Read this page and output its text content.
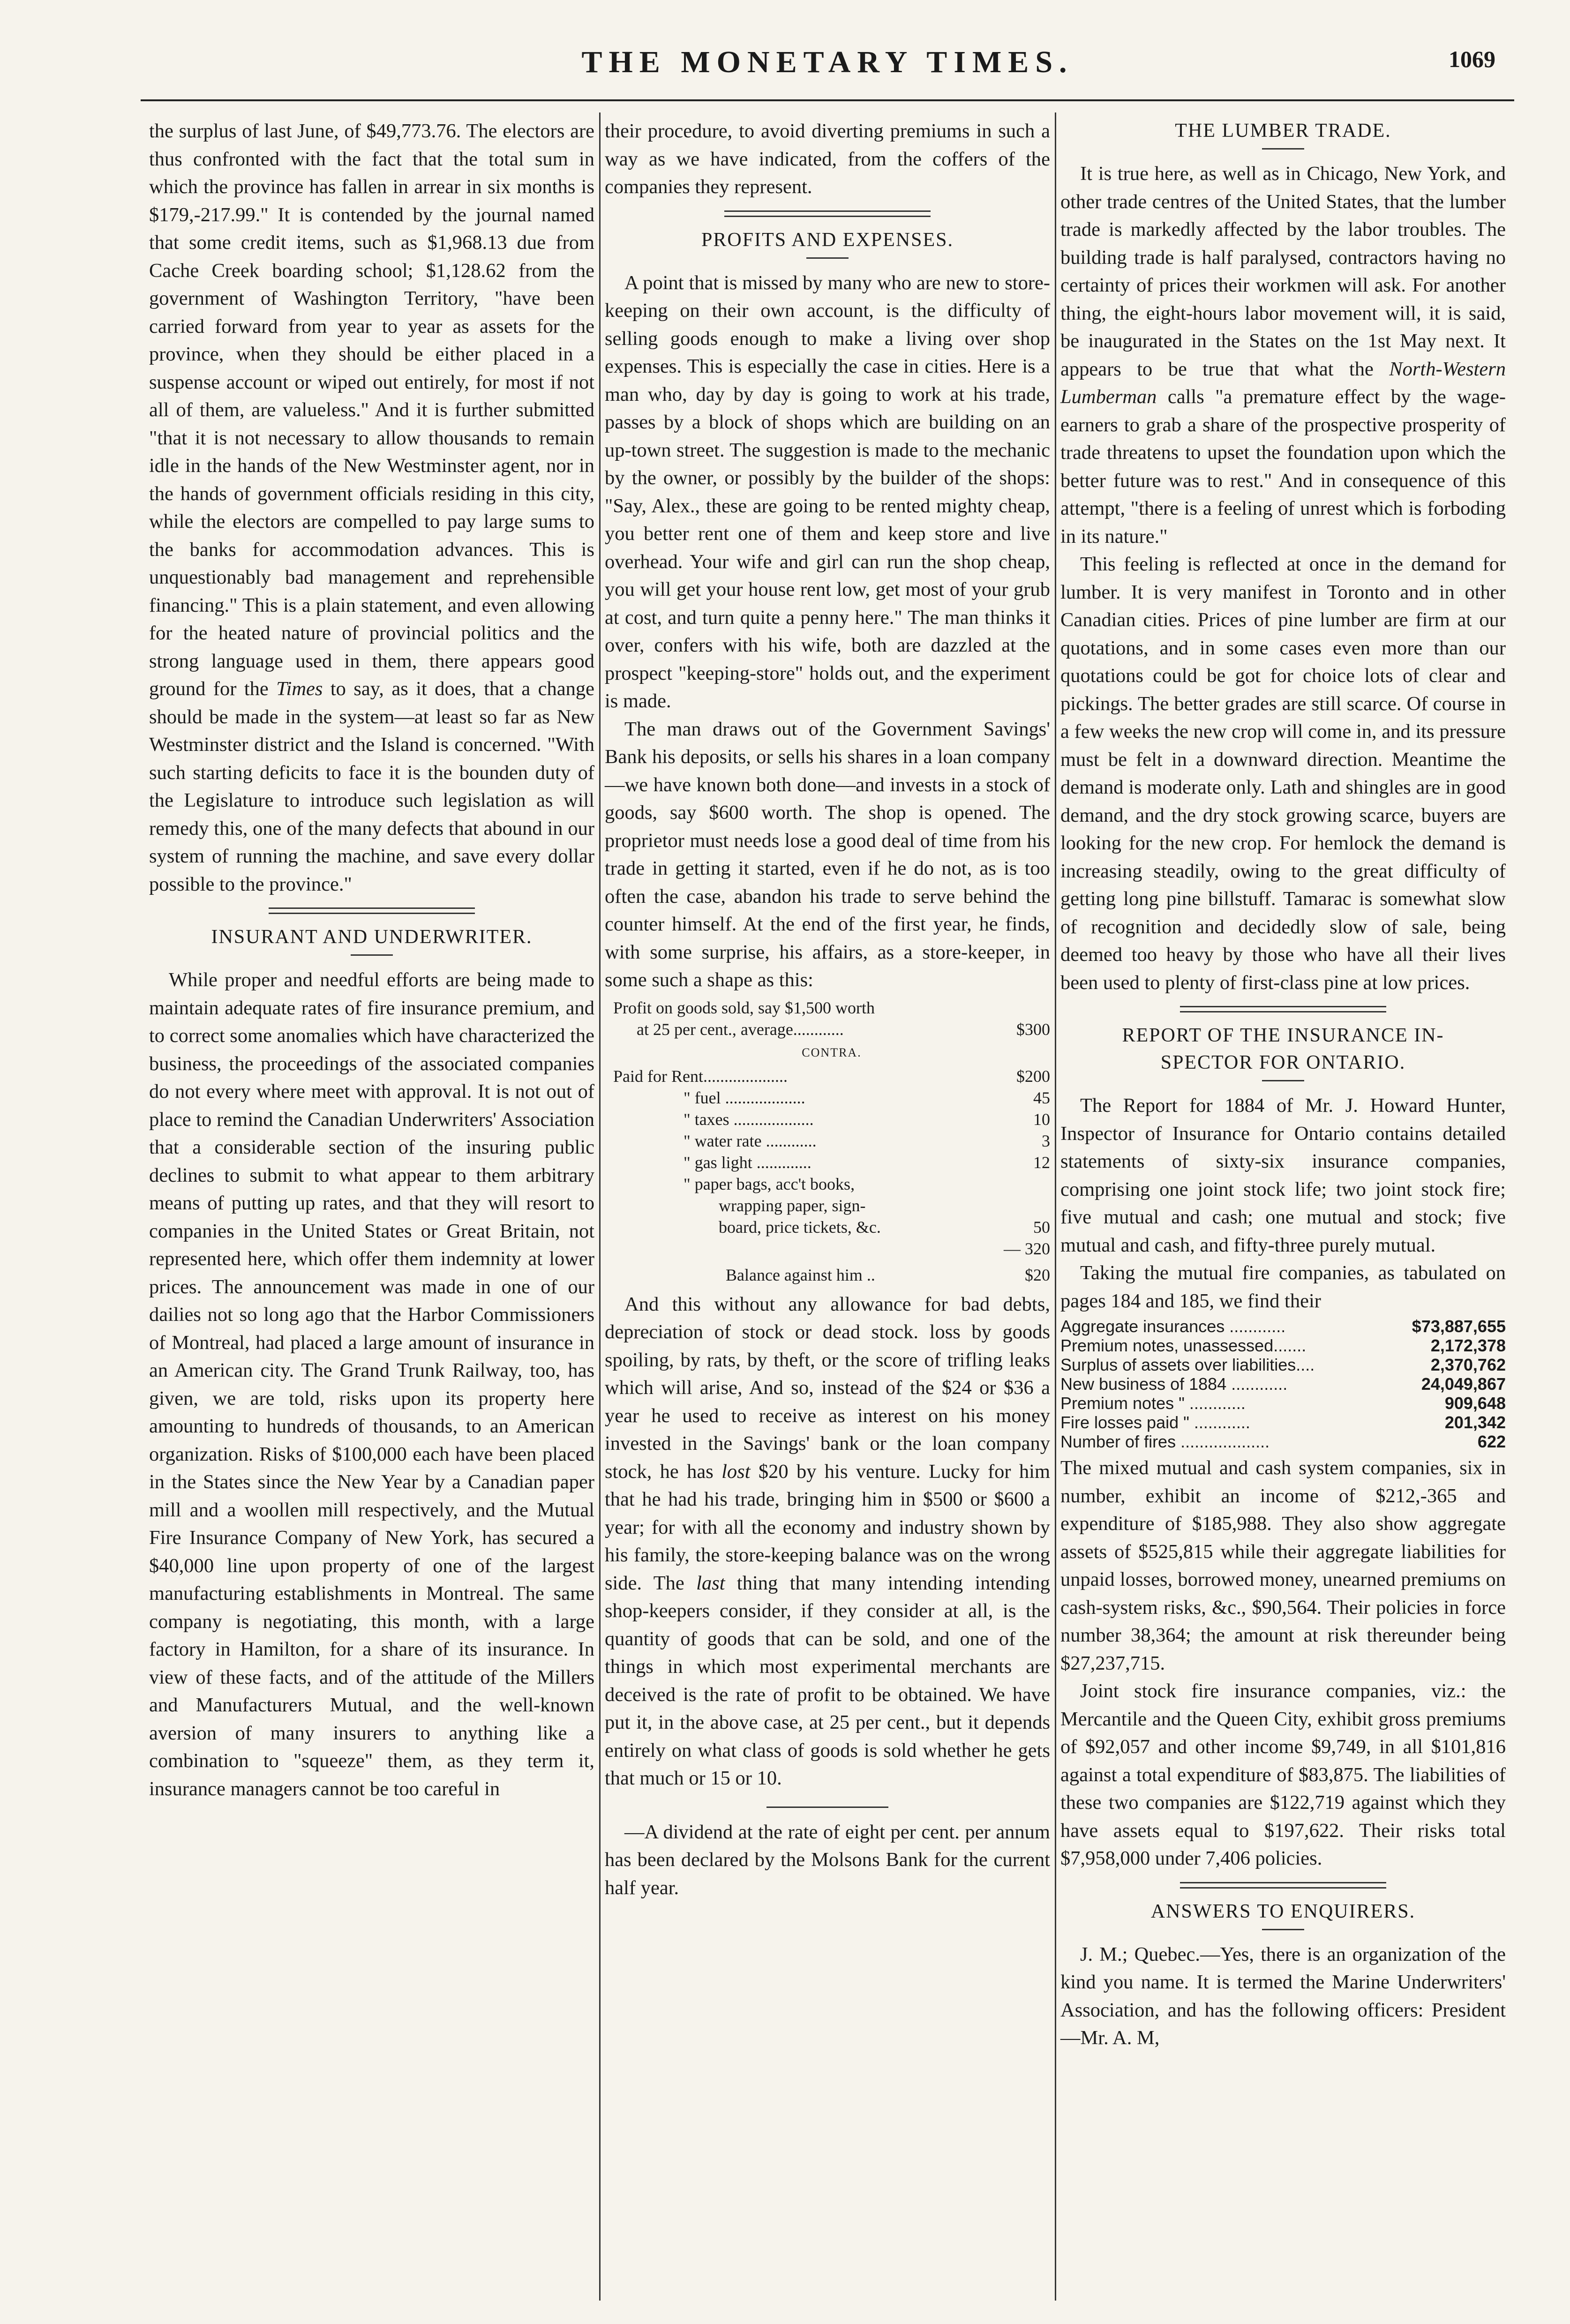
THE MONETARY TIMES.	1069

the surplus of last June, of $49,773.76. The electors are thus confronted with the fact that the total sum in which the province has fallen in arrear in six months is $179,-217.99." It is contended by the journal named that some credit items, such as $1,968.13 due from Cache Creek boarding school; $1,128.62 from the government of Washington Territory, "have been carried forward from year to year as assets for the province, when they should be either placed in a suspense account or wiped out entirely, for most if not all of them, are valueless." And it is further submitted "that it is not necessary to allow thousands to remain idle in the hands of the New Westminster agent, nor in the hands of government officials residing in this city, while the electors are compelled to pay large sums to the banks for accommodation advances. This is unquestionably bad management and reprehensible financing." This is a plain statement, and even allowing for the heated nature of provincial politics and the strong language used in them, there appears good ground for the Times to say, as it does, that a change should be made in the system—at least so far as New Westminster district and the Island is concerned. "With such starting deficits to face it is the bounden duty of the Legislature to introduce such legislation as will remedy this, one of the many defects that abound in our system of running the machine, and save every dollar possible to the province."

INSURANT AND UNDERWRITER.

While proper and needful efforts are being made to maintain adequate rates of fire insurance premium, and to correct some anomalies which have characterized the business, the proceedings of the associated companies do not every where meet with approval. It is not out of place to remind the Canadian Underwriters' Association that a considerable section of the insuring public declines to submit to what appear to them arbitrary means of putting up rates, and that they will resort to companies in the United States or Great Britain, not represented here, which offer them indemnity at lower prices. The announcement was made in one of our dailies not so long ago that the Harbor Commissioners of Montreal, had placed a large amount of insurance in an American city. The Grand Trunk Railway, too, has given, we are told, risks upon its property here amounting to hundreds of thousands, to an American organization. Risks of $100,000 each have been placed in the States since the New Year by a Canadian paper mill and a woollen mill respectively, and the Mutual Fire Insurance Company of New York, has secured a $40,000 line upon property of one of the largest manufacturing establishments in Montreal. The same company is negotiating, this month, with a large factory in Hamilton, for a share of its insurance. In view of these facts, and of the attitude of the Millers and Manufacturers Mutual, and the well-known aversion of many insurers to anything like a combination to "squeeze" them, as they term it, insurance managers cannot be too careful in

their procedure, to avoid diverting premiums in such a way as we have indicated, from the coffers of the companies they represent.

PROFITS AND EXPENSES.

A point that is missed by many who are new to store-keeping on their own account, is the difficulty of selling goods enough to make a living over shop expenses. This is especially the case in cities. Here is a man who, day by day is going to work at his trade, passes by a block of shops which are building on an up-town street. The suggestion is made to the mechanic by the owner, or possibly by the builder of the shops: "Say, Alex., these are going to be rented mighty cheap, you better rent one of them and keep store and live overhead. Your wife and girl can run the shop cheap, you will get your house rent low, get most of your grub at cost, and turn quite a penny here." The man thinks it over, confers with his wife, both are dazzled at the prospect "keeping-store" holds out, and the experiment is made.

The man draws out of the Government Savings' Bank his deposits, or sells his shares in a loan company—we have known both done—and invests in a stock of goods, say $600 worth. The shop is opened. The proprietor must needs lose a good deal of time from his trade in getting it started, even if he do not, as is too often the case, abandon his trade to serve behind the counter himself. At the end of the first year, he finds, with some surprise, his affairs, as a store-keeper, in some such a shape as this:

Profit on goods sold, say $1,500 worth
at 25 per cent., average............	$300
CONTRA.
Paid for Rent....................	$200
" fuel ...................	45
" taxes ...................	10
" water rate ............	3
" gas light .............	12
" paper bags, acc't books,
wrapping paper, sign-
board, price tickets, &c.	50
— 320
Balance against him ..	$20

And this without any allowance for bad debts, depreciation of stock or dead stock. loss by goods spoiling, by rats, by theft, or the score of trifling leaks which will arise, And so, instead of the $24 or $36 a year he used to receive as interest on his money invested in the Savings' bank or the loan company stock, he has lost $20 by his venture. Lucky for him that he had his trade, bringing him in $500 or $600 a year; for with all the economy and industry shown by his family, the store-keeping balance was on the wrong side. The last thing that many intending intending shop-keepers consider, if they consider at all, is the quantity of goods that can be sold, and one of the things in which most experimental merchants are deceived is the rate of profit to be obtained. We have put it, in the above case, at 25 per cent., but it depends entirely on what class of goods is sold whether he gets that much or 15 or 10.

—A dividend at the rate of eight per cent. per annum has been declared by the Molsons Bank for the current half year.

THE LUMBER TRADE.

It is true here, as well as in Chicago, New York, and other trade centres of the United States, that the lumber trade is markedly affected by the labor troubles. The building trade is half paralysed, contractors having no certainty of prices their workmen will ask. For another thing, the eight-hours labor movement will, it is said, be inaugurated in the States on the 1st May next. It appears to be true that what the North-Western Lumberman calls "a premature effect by the wage-earners to grab a share of the prospective prosperity of trade threatens to upset the foundation upon which the better future was to rest." And in consequence of this attempt, "there is a feeling of unrest which is forboding in its nature."

This feeling is reflected at once in the demand for lumber. It is very manifest in Toronto and in other Canadian cities. Prices of pine lumber are firm at our quotations, and in some cases even more than our quotations could be got for choice lots of clear and pickings. The better grades are still scarce. Of course in a few weeks the new crop will come in, and its pressure must be felt in a downward direction. Meantime the demand is moderate only. Lath and shingles are in good demand, and the dry stock growing scarce, buyers are looking for the new crop. For hemlock the demand is increasing steadily, owing to the great difficulty of getting long pine billstuff. Tamarac is somewhat slow of recognition and decidedly slow of sale, being deemed too heavy by those who have all their lives been used to plenty of first-class pine at low prices.

REPORT OF THE INSURANCE IN-
SPECTOR FOR ONTARIO.

The Report for 1884 of Mr. J. Howard Hunter, Inspector of Insurance for Ontario contains detailed statements of sixty-six insurance companies, comprising one joint stock life; two joint stock fire; five mutual and cash; one mutual and stock; five mutual and cash, and fifty-three purely mutual.

Taking the mutual fire companies, as tabulated on pages 184 and 185, we find their

Aggregate insurances ............	$73,887,655
Premium notes, unassessed.......	2,172,378
Surplus of assets over liabilities....	2,370,762
New business of 1884 ............	24,049,867
Premium notes " ............	909,648
Fire losses paid " ............	201,342
Number of fires ...................	622

The mixed mutual and cash system companies, six in number, exhibit an income of $212,-365 and expenditure of $185,988. They also show aggregate assets of $525,815 while their aggregate liabilities for unpaid losses, borrowed money, unearned premiums on cash-system risks, &c., $90,564. Their policies in force number 38,364; the amount at risk thereunder being $27,237,715.

Joint stock fire insurance companies, viz.: the Mercantile and the Queen City, exhibit gross premiums of $92,057 and other income $9,749, in all $101,816 against a total expenditure of $83,875. The liabilities of these two companies are $122,719 against which they have assets equal to $197,622. Their risks total $7,958,000 under 7,406 policies.

ANSWERS TO ENQUIRERS.

J. M.; Quebec.—Yes, there is an organization of the kind you name. It is termed the Marine Underwriters' Association, and has the following officers: President—Mr. A. M,
